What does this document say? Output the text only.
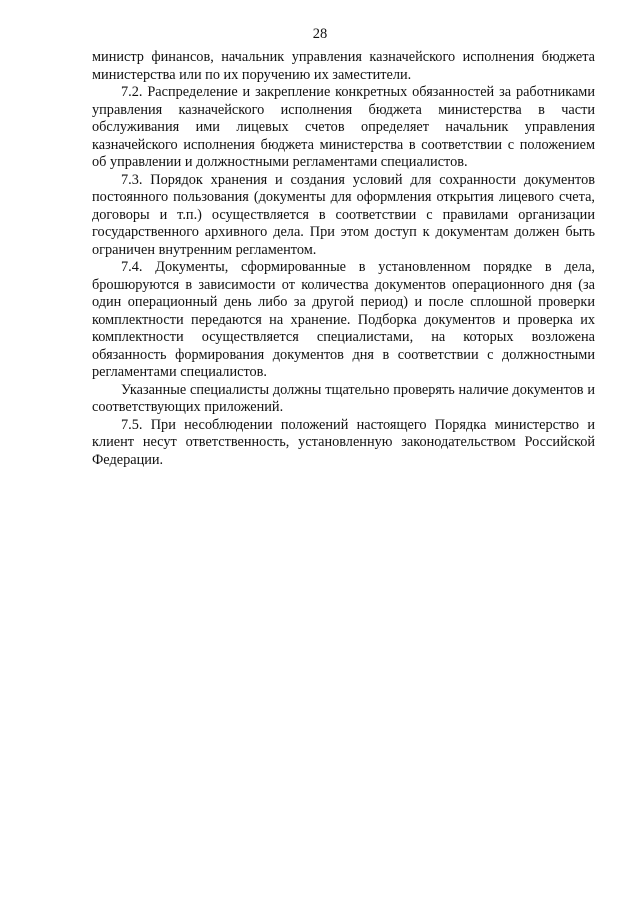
28

министр финансов, начальник управления казначейского исполнения бюджета министерства или по их поручению их заместители.

7.2. Распределение и закрепление конкретных обязанностей за работниками управления казначейского исполнения бюджета министерства в части обслуживания ими лицевых счетов определяет начальник управления казначейского исполнения бюджета министерства в соответствии с положением об управлении и должностными регламентами специалистов.

7.3. Порядок хранения и создания условий для сохранности документов постоянного пользования (документы для оформления открытия лицевого счета, договоры и т.п.) осуществляется в соответствии с правилами организации государственного архивного дела. При этом доступ к документам должен быть ограничен внутренним регламентом.

7.4. Документы, сформированные в установленном порядке в дела, брошюруются в зависимости от количества документов операционного дня (за один операционный день либо за другой период) и после сплошной проверки комплектности передаются на хранение. Подборка документов и проверка их комплектности осуществляется специалистами, на которых возложена обязанность формирования документов дня в соответствии с должностными регламентами специалистов.

Указанные специалисты должны тщательно проверять наличие документов и соответствующих приложений.

7.5. При несоблюдении положений настоящего Порядка министерство и клиент несут ответственность, установленную законодательством Российской Федерации.
